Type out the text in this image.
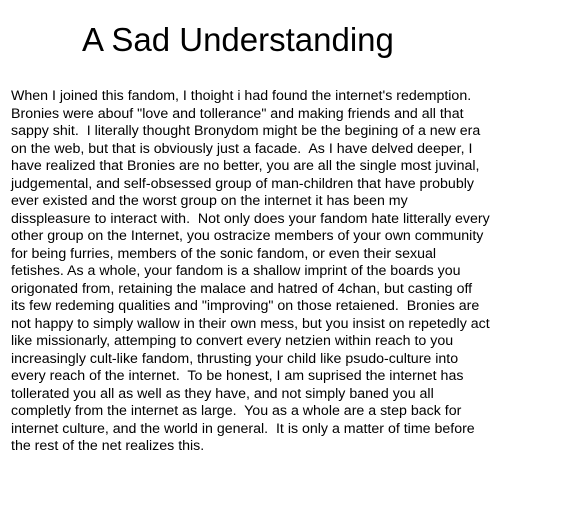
A Sad Understanding
When I joined this fandom, I thoight i had found the internet's redemption.
Bronies were abouf "love and tollerance" and making friends and all that
sappy shit.  I literally thought Bronydom might be the begining of a new era
on the web, but that is obviously just a facade.  As I have delved deeper, I
have realized that Bronies are no better, you are all the single most juvinal,
judgemental, and self-obsessed group of man-children that have probubly
ever existed and the worst group on the internet it has been my
disspleasure to interact with.  Not only does your fandom hate litterally every
other group on the Internet, you ostracize members of your own community
for being furries, members of the sonic fandom, or even their sexual
fetishes. As a whole, your fandom is a shallow imprint of the boards you
origonated from, retaining the malace and hatred of 4chan, but casting off
its few redeming qualities and "improving" on those retaiened.  Bronies are
not happy to simply wallow in their own mess, but you insist on repetedly act
like missionarly, attemping to convert every netzien within reach to you
increasingly cult-like fandom, thrusting your child like psudo-culture into
every reach of the internet.  To be honest, I am suprised the internet has
tollerated you all as well as they have, and not simply baned you all
completly from the internet as large.  You as a whole are a step back for
internet culture, and the world in general.  It is only a matter of time before
the rest of the net realizes this.
